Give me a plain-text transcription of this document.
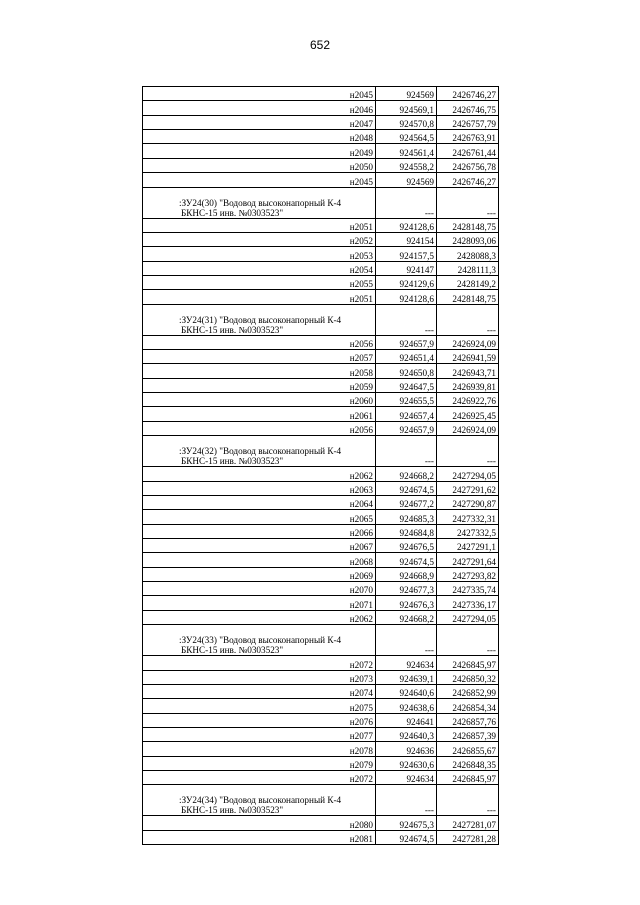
652
н2045	924569	2426746,27
н2046	924569,1	2426746,75
н2047	924570,8	2426757,79
н2048	924564,5	2426763,91
н2049	924561,4	2426761,44
н2050	924558,2	2426756,78
н2045	924569	2426746,27
:ЗУ24(30) "Водовод высоконапорный К-4 БКНС-15 инв. №0303523"	---	---
н2051	924128,6	2428148,75
н2052	924154	2428093,06
н2053	924157,5	2428088,3
н2054	924147	2428111,3
н2055	924129,6	2428149,2
н2051	924128,6	2428148,75
:ЗУ24(31) "Водовод высоконапорный К-4 БКНС-15 инв. №0303523"	---	---
н2056	924657,9	2426924,09
н2057	924651,4	2426941,59
н2058	924650,8	2426943,71
н2059	924647,5	2426939,81
н2060	924655,5	2426922,76
н2061	924657,4	2426925,45
н2056	924657,9	2426924,09
:ЗУ24(32) "Водовод высоконапорный К-4 БКНС-15 инв. №0303523"	---	---
н2062	924668,2	2427294,05
н2063	924674,5	2427291,62
н2064	924677,2	2427290,87
н2065	924685,3	2427332,31
н2066	924684,8	2427332,5
н2067	924676,5	2427291,1
н2068	924674,5	2427291,64
н2069	924668,9	2427293,82
н2070	924677,3	2427335,74
н2071	924676,3	2427336,17
н2062	924668,2	2427294,05
:ЗУ24(33) "Водовод высоконапорный К-4 БКНС-15 инв. №0303523"	---	---
н2072	924634	2426845,97
н2073	924639,1	2426850,32
н2074	924640,6	2426852,99
н2075	924638,6	2426854,34
н2076	924641	2426857,76
н2077	924640,3	2426857,39
н2078	924636	2426855,67
н2079	924630,6	2426848,35
н2072	924634	2426845,97
:ЗУ24(34) "Водовод высоконапорный К-4 БКНС-15 инв. №0303523"	---	---
н2080	924675,3	2427281,07
н2081	924674,5	2427281,28
